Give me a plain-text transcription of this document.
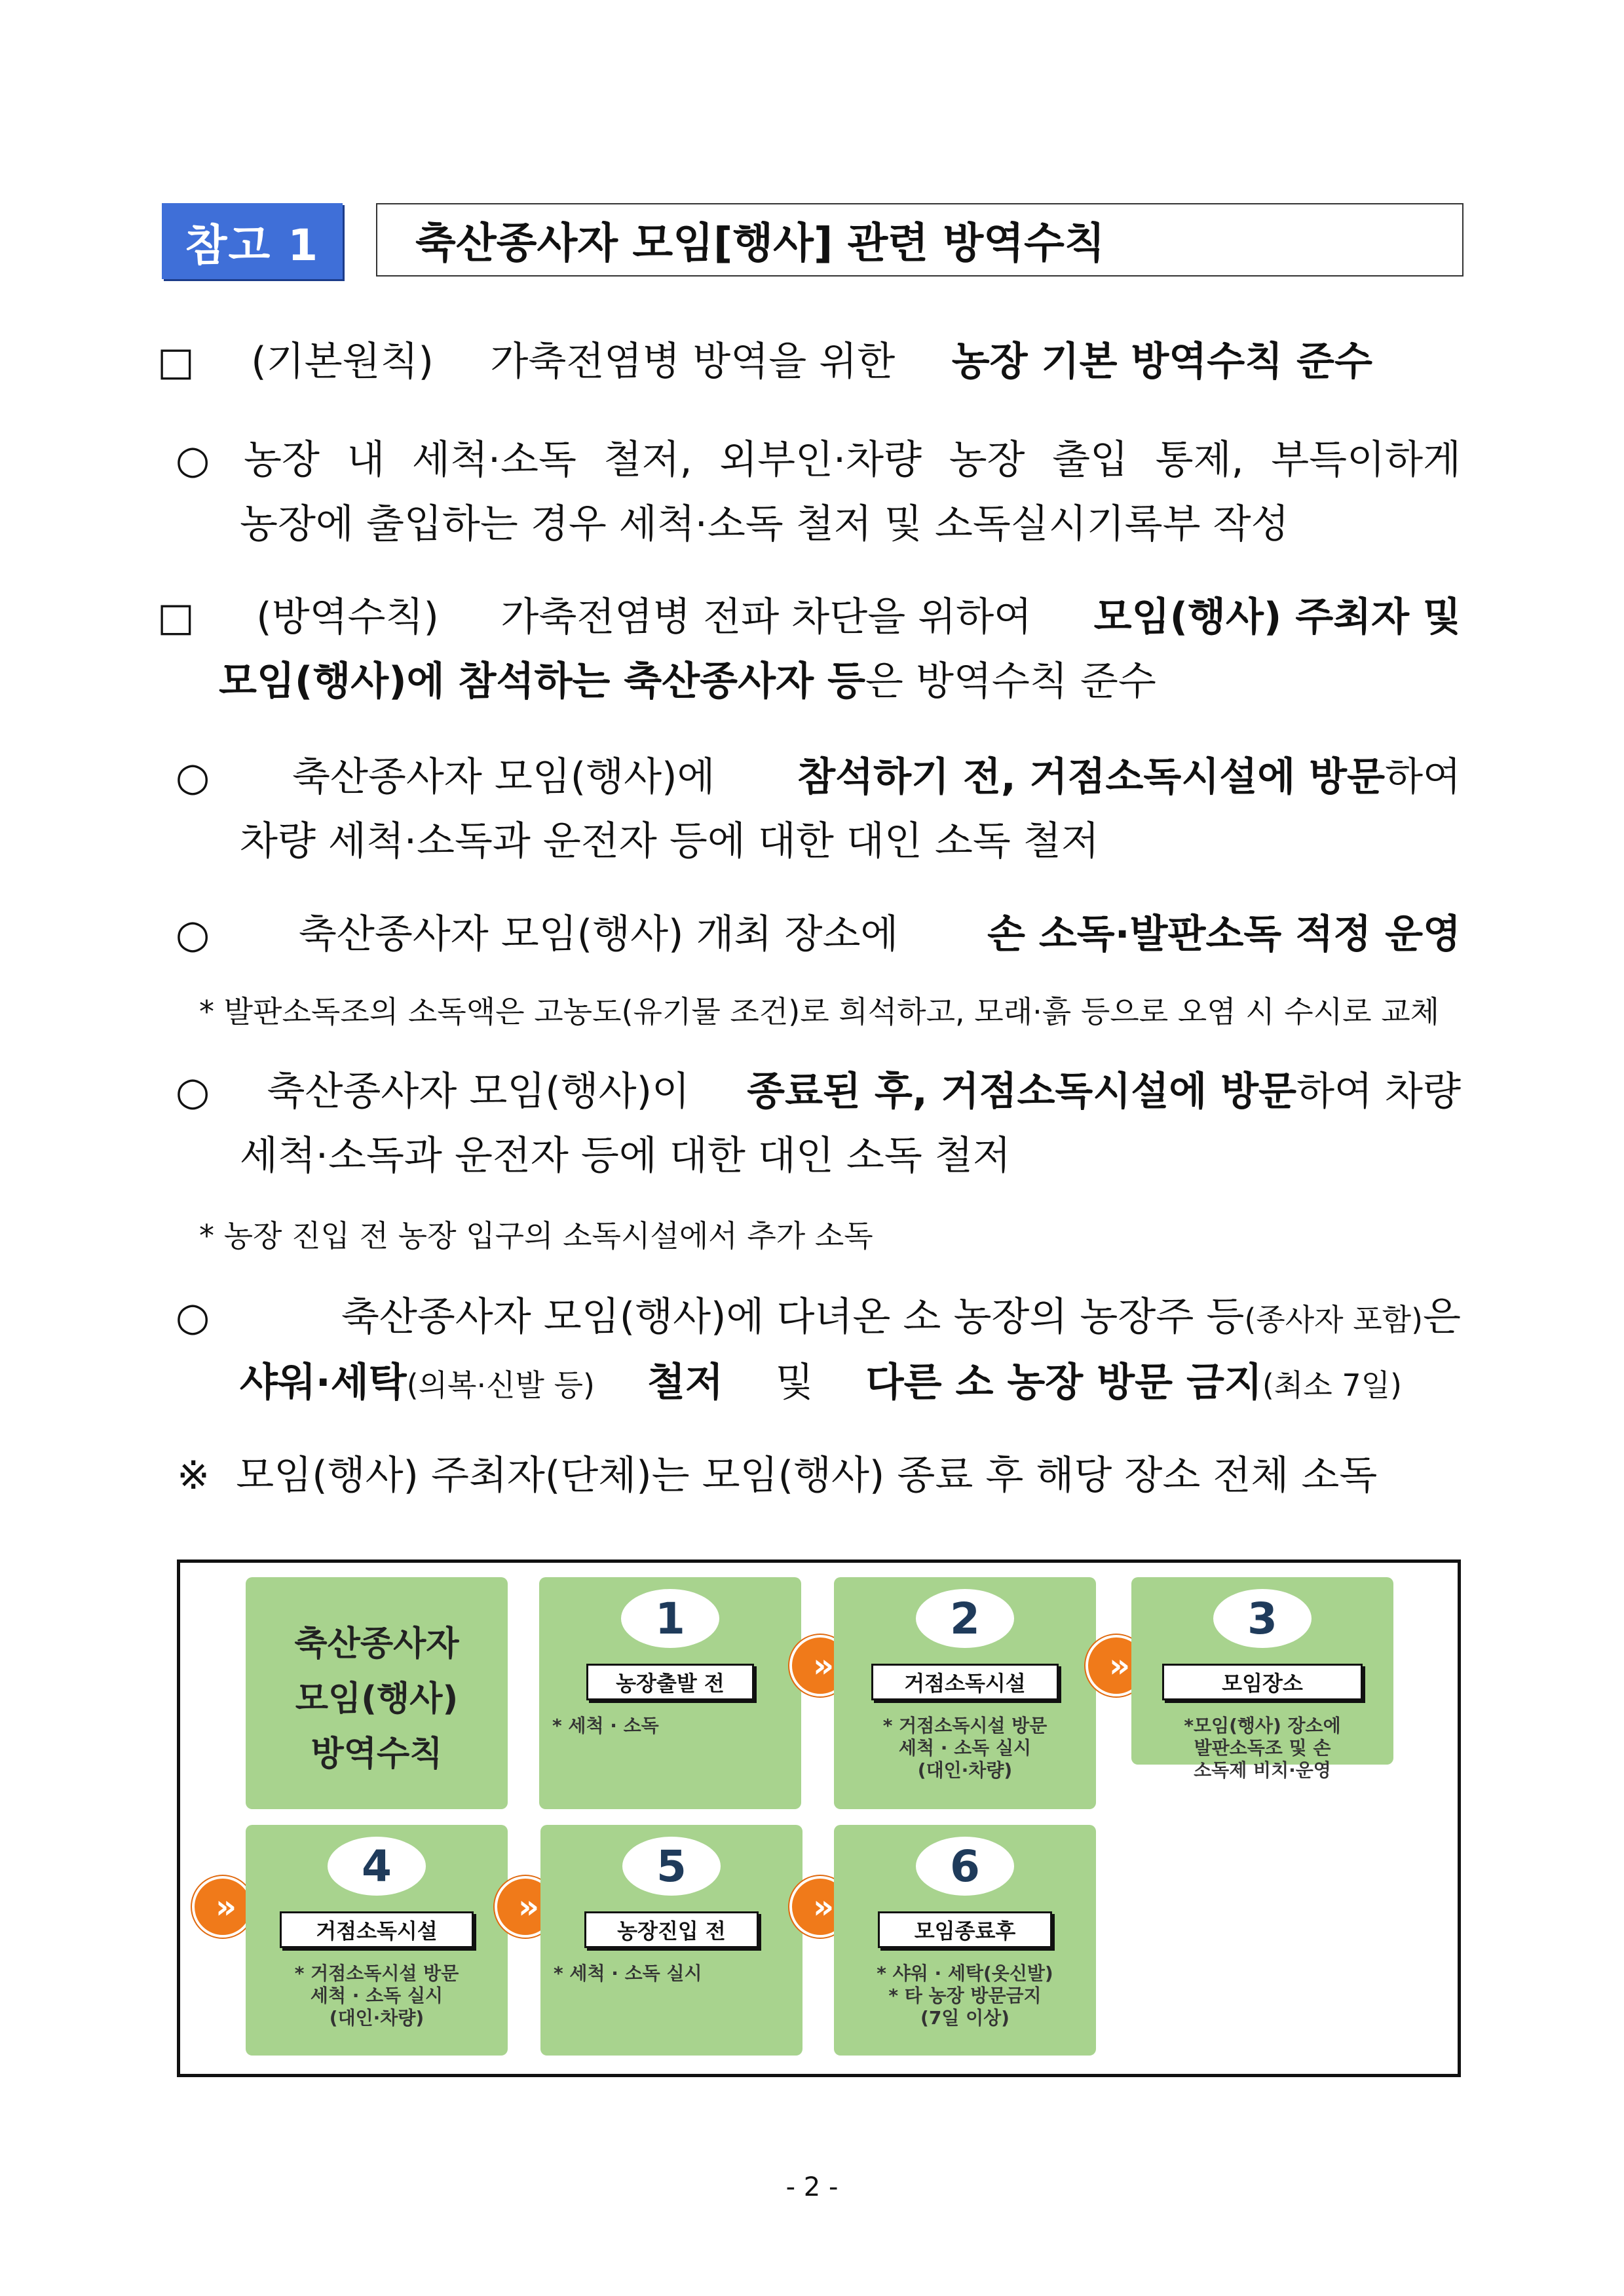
참고 1	축산종사자 모임[행사] 관련 방역수칙
□ (기본원칙) 가축전염병 방역을 위한 농장 기본 방역수칙 준수
○ 농장 내 세척·소독 철저, 외부인·차량 농장 출입 통제, 부득이하게
농장에 출입하는 경우 세척·소독 철저 및 소독실시기록부 작성
□ (방역수칙) 가축전염병 전파 차단을 위하여 모임(행사) 주최자 및
모임(행사)에 참석하는 축산종사자 등은 방역수칙 준수
○ 축산종사자 모임(행사)에 참석하기 전, 거점소독시설에 방문하여
차량 세척·소독과 운전자 등에 대한 대인 소독 철저
○ 축산종사자 모임(행사) 개최 장소에 손 소독·발판소독 적정 운영
* 발판소독조의 소독액은 고농도(유기물 조건)로 희석하고, 모래·흙 등으로 오염 시 수시로 교체
○ 축산종사자 모임(행사)이 종료된 후, 거점소독시설에 방문하여 차량
세척·소독과 운전자 등에 대한 대인 소독 철저
* 농장 진입 전 농장 입구의 소독시설에서 추가 소독
○	축산종사자 모임(행사)에 다녀온 소 농장의 농장주 등(종사자 포함)은
샤워·세탁(의복·신발 등) 철저 및 다른 소 농장 방문 금지(최소 7일)
※ 모임(행사) 주최자(단체)는 모임(행사) 종료 후 해당 장소 전체 소독
축산종사자
모임(행사)
방역수칙
1
농장출발 전
* 세척 · 소독
»
2
거점소독시설
* 거점소독시설 방문
세척 · 소독 실시
(대인·차량)
»
3
모임장소
*모임(행사) 장소에
발판소독조 및 손
소독제 비치·운영
»
4
거점소독시설
* 거점소독시설 방문
세척 · 소독 실시
(대인·차량)
»
5
농장진입 전
* 세척 · 소독 실시
»
6
모임종료후
* 샤워 · 세탁(옷신발)
* 타 농장 방문금지
(7일 이상)
- 2 -
